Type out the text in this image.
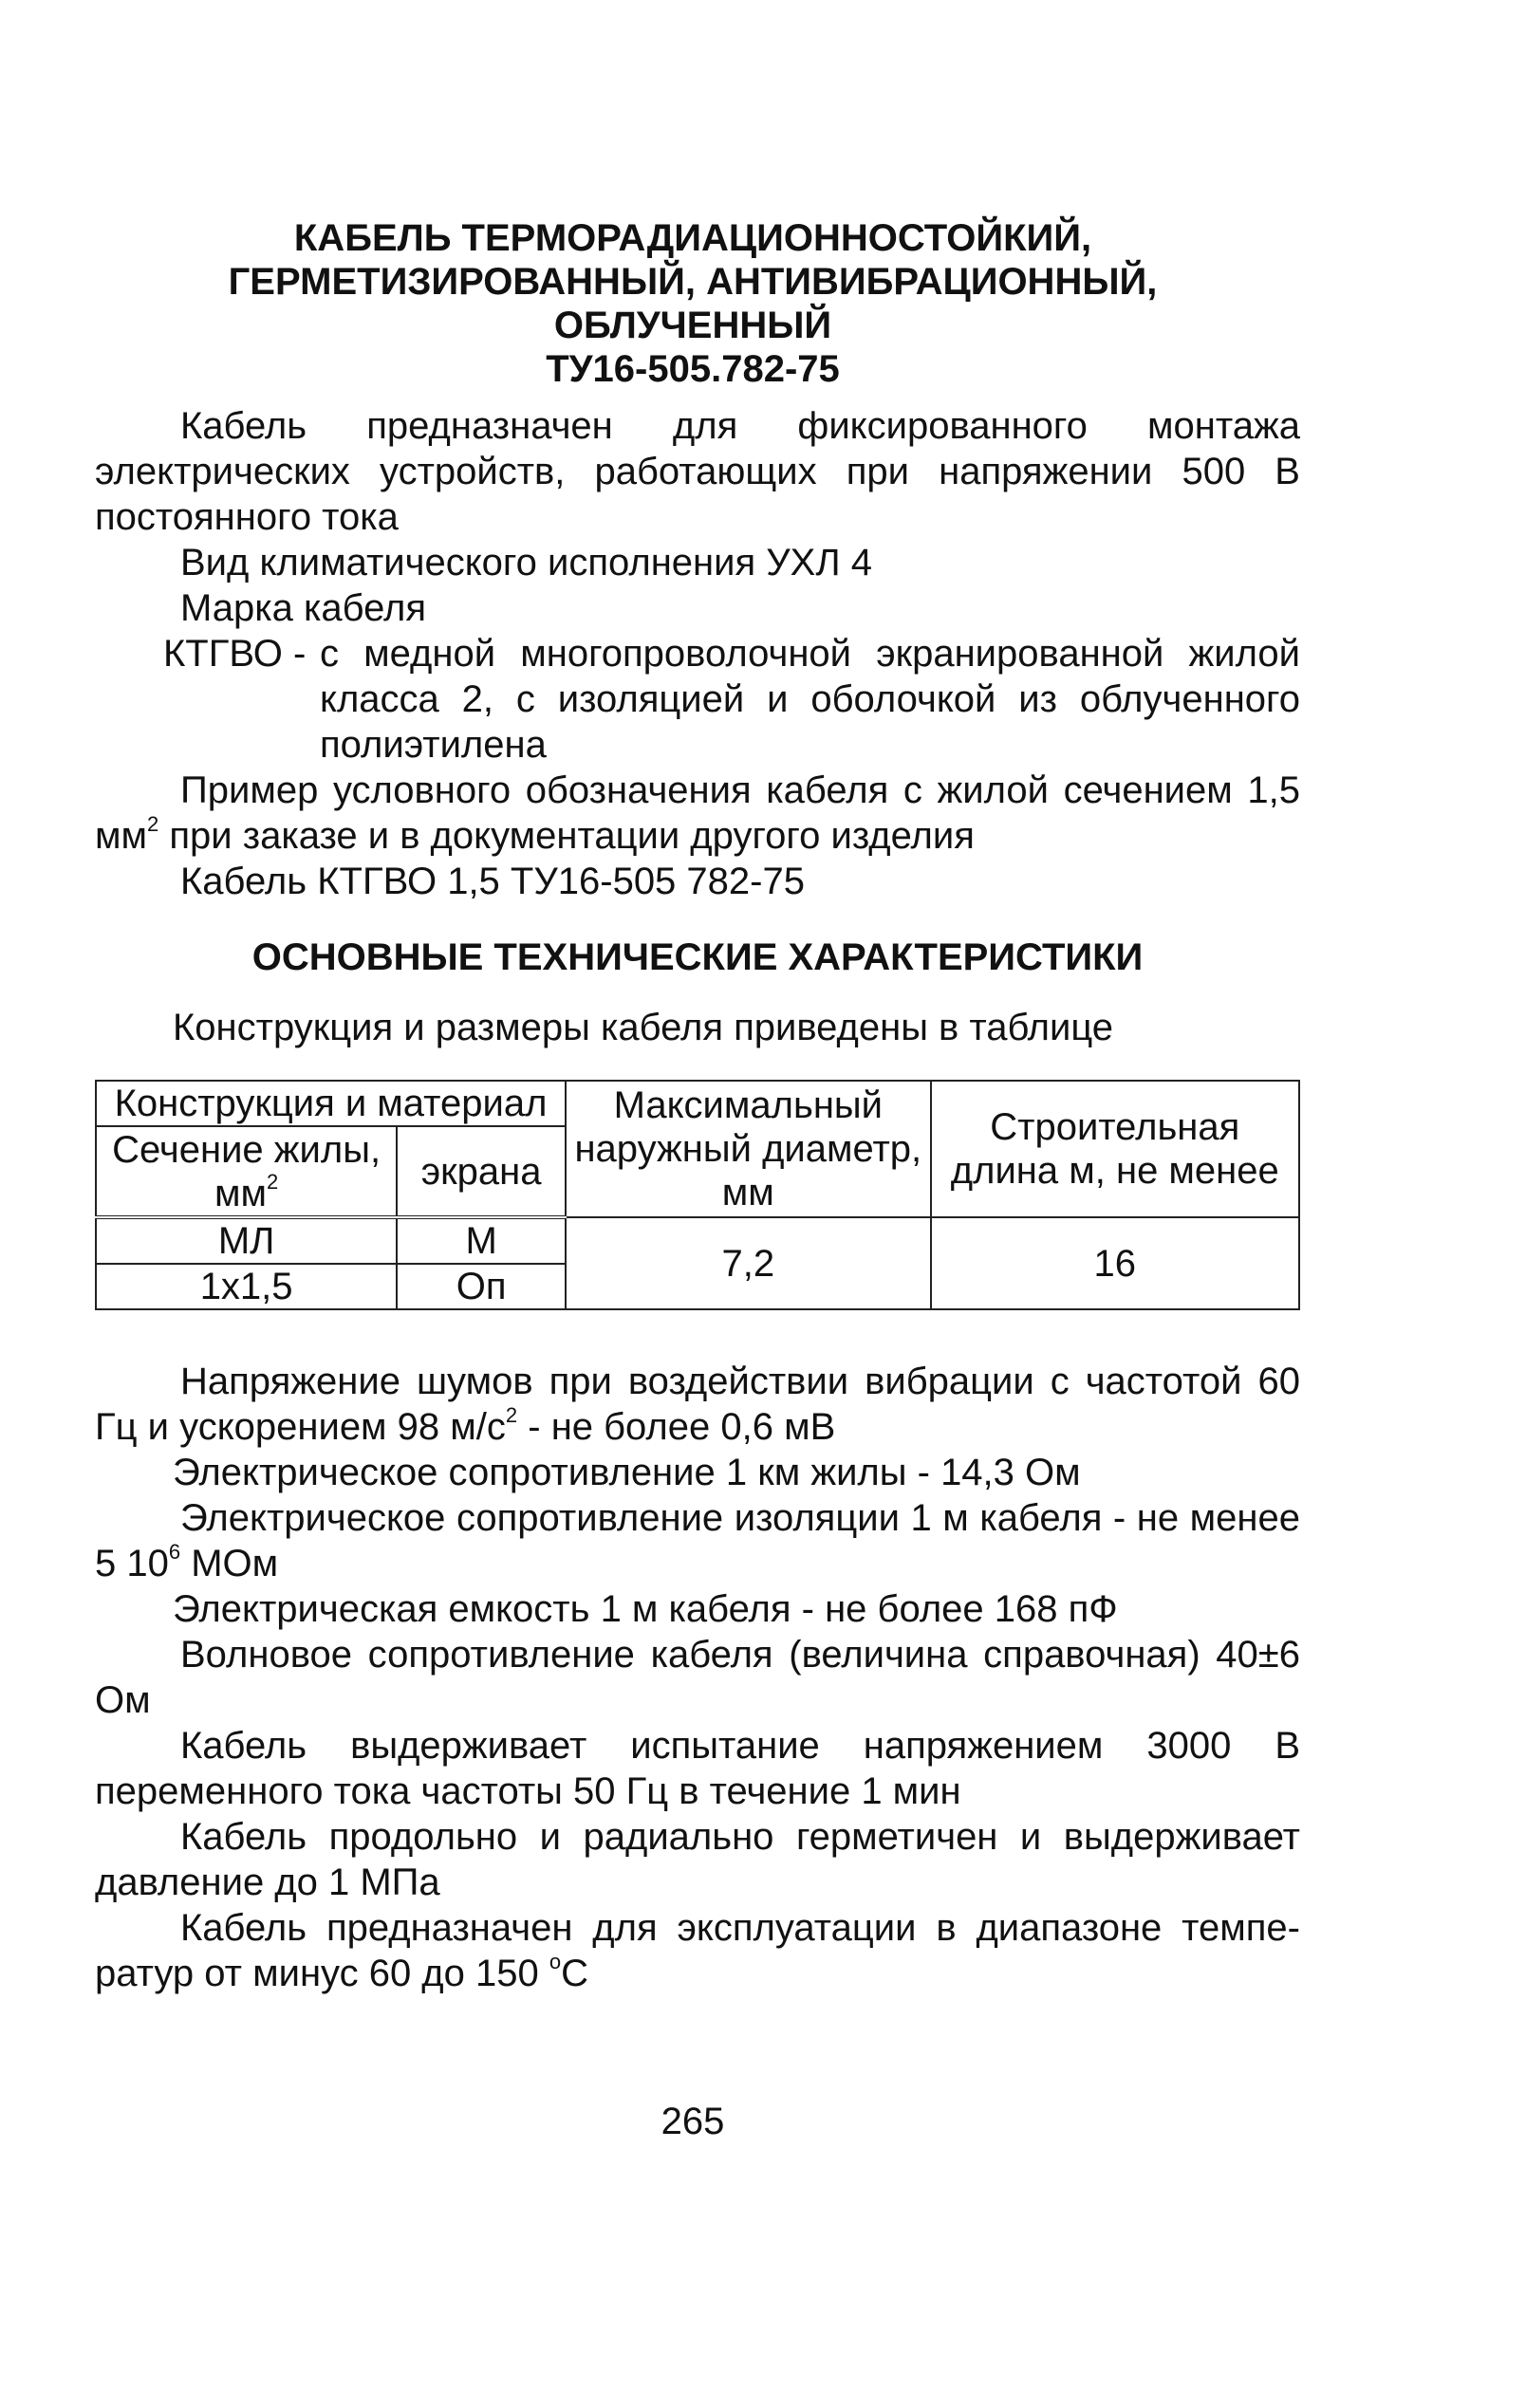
КАБЕЛЬ ТЕРМОРАДИАЦИОННОСТОЙКИЙ,
ГЕРМЕТИЗИРОВАННЫЙ, АНТИВИБРАЦИОННЫЙ,
ОБЛУЧЕННЫЙ
ТУ16-505.782-75
Кабель предназначен для фиксированного монтажа электрических устройств, работающих при напряжении 500 В постоянного тока
Вид климатического исполнения УХЛ 4
Марка кабеля
КТГВО - с медной многопроволочной экранированной жилой класса 2, с изоляцией и оболочкой из облученного полиэтилена
Пример условного обозначения кабеля с жилой сечением 1,5 $мм^2$ при заказе и в документации другого изделия
Кабель КТГВО 1,5 ТУ16-505 782-75
ОСНОВНЫЕ ТЕХНИЧЕСКИЕ ХАРАКТЕРИСТИКИ
Конструкция и размеры кабеля приведены в таблице
Конструкция и материал		Максимальный наружный диаметр, мм	Строительная длина м, не менее
Сечение жилы, $мм^2$	экрана		
МЛ	М	7,2	16
1х1,5	Оп		
Напряжение шумов при воздействии вибрации с частотой 60 Гц и ускорением 98 $м/с^2$ - не более 0,6 мВ
Электрическое сопротивление 1 км жилы - 14,3 Ом
Электрическое сопротивление изоляции 1 м кабеля - не менее 5 $10^6$ МОм
Электрическая емкость 1 м кабеля - не более 168 пФ
Волновое сопротивление кабеля (величина справочная) 40±6 Ом
Кабель выдерживает испытание напряжением 3000 В переменного тока частоты 50 Гц в течение 1 мин
Кабель продольно и радиально герметичен и выдерживает давление до 1 МПа
Кабель предназначен для эксплуатации в диапазоне темпе-ратур от минус 60 до 150 $^о$С
265
